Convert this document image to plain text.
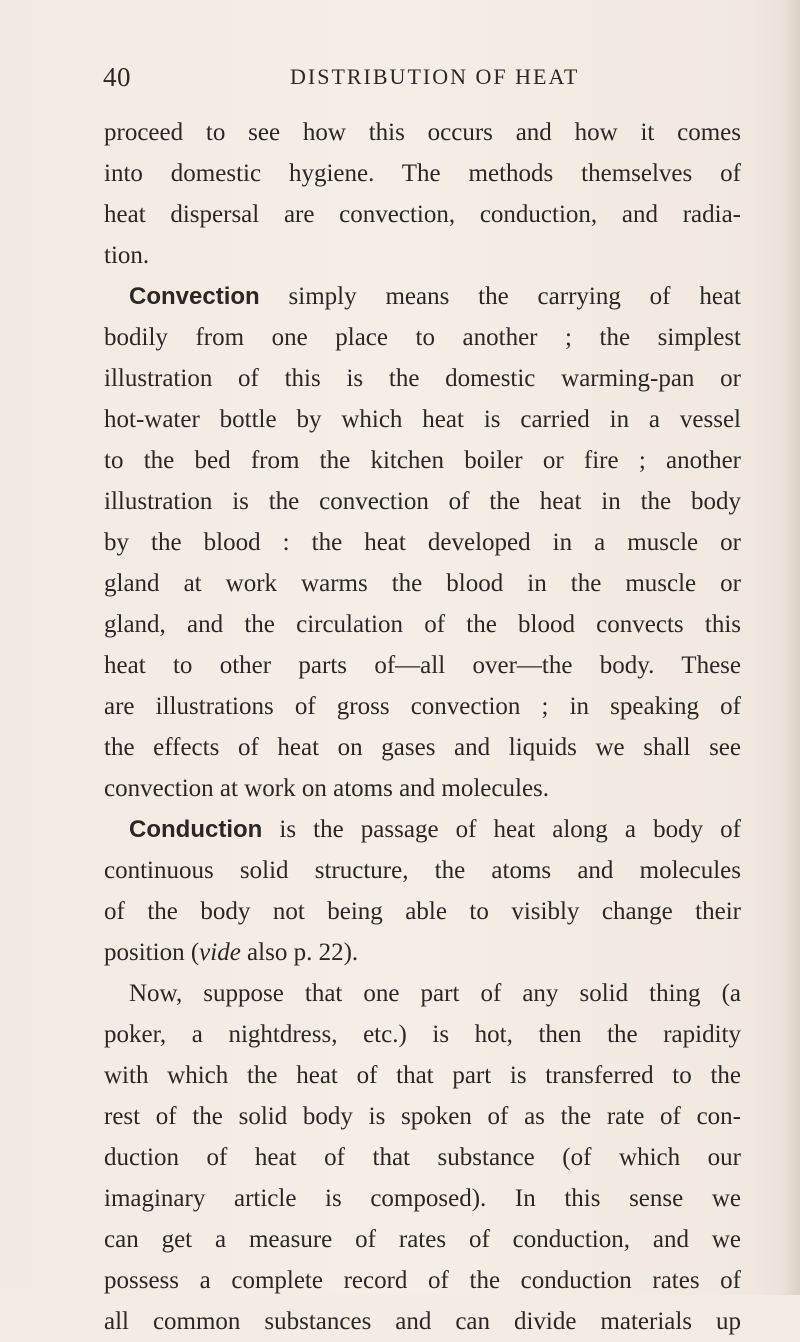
40	DISTRIBUTION OF HEAT
proceed to see how this occurs and how it comes
into domestic hygiene. The methods themselves of
heat dispersal are convection, conduction, and radia-
tion.
Convection simply means the carrying of heat
bodily from one place to another ; the simplest
illustration of this is the domestic warming-pan or
hot-water bottle by which heat is carried in a vessel
to the bed from the kitchen boiler or fire ; another
illustration is the convection of the heat in the body
by the blood : the heat developed in a muscle or
gland at work warms the blood in the muscle or
gland, and the circulation of the blood convects this
heat to other parts of—all over—the body. These
are illustrations of gross convection ; in speaking of
the effects of heat on gases and liquids we shall see
convection at work on atoms and molecules.
Conduction is the passage of heat along a body of
continuous solid structure, the atoms and molecules
of the body not being able to visibly change their
position (vide also p. 22).
Now, suppose that one part of any solid thing (a
poker, a nightdress, etc.) is hot, then the rapidity
with which the heat of that part is transferred to the
rest of the solid body is spoken of as the rate of con-
duction of heat of that substance (of which our
imaginary article is composed). In this sense we
can get a measure of rates of conduction, and we
possess a complete record of the conduction rates of
all common substances and can divide materials up
